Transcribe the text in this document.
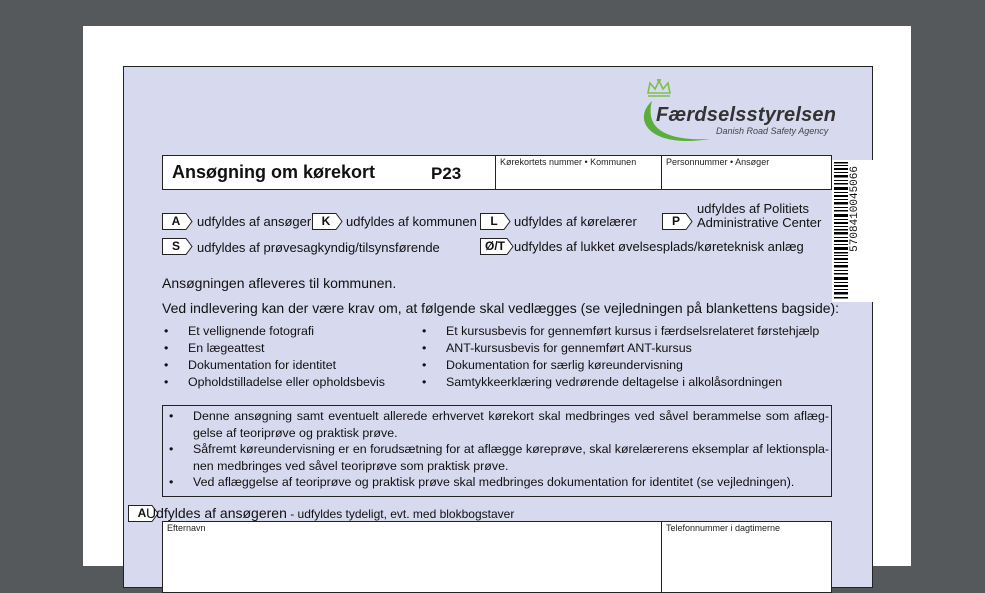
Færdselsstyrelsen
Danish Road Safety Agency
Ansøgning om kørekort	P23
Kørekortets nummer • Kommunen	Personnummer • Ansøger
5708410045066
A	udfyldes af ansøger K	udfyldes af kommunen	L	udfyldes af kørelærer	P
udfyldes af Politiets
Administrative Center
S	udfyldes af prøvesagkyndig/tilsynsførende	Ø/T udfyldes af lukket øvelsesplads/køreteknisk anlæg
Ansøgningen afleveres til kommunen.
Ved indlevering kan der være krav om, at følgende skal vedlægges (se vejledningen på blankettens bagside):
• Et vellignende fotografi
• En lægeattest
• Dokumentation for identitet
• Opholdstilladelse eller opholdsbevis
• Et kursusbevis for gennemført kursus i færdselsrelateret førstehjælp
• ANT-kursusbevis for gennemført ANT-kursus
• Dokumentation for særlig køreundervisning
• Samtykkeerklæring vedrørende deltagelse i alkolåsordningen
• Denne ansøgning samt eventuelt allerede erhvervet kørekort skal medbringes ved såvel berammelse som aflæg-gelse af teoriprøve og praktisk prøve.
• Såfremt køreundervisning er en forudsætning for at aflægge køreprøve, skal kørelærerens eksemplar af lektionspla-nen medbringes ved såvel teoriprøve som praktisk prøve.
• Ved aflæggelse af teoriprøve og praktisk prøve skal medbringes dokumentation for identitet (se vejledningen).
A Udfyldes af ansøgeren - udfyldes tydeligt, evt. med blokbogstaver
Efternavn	Telefonnummer i dagtimerne
